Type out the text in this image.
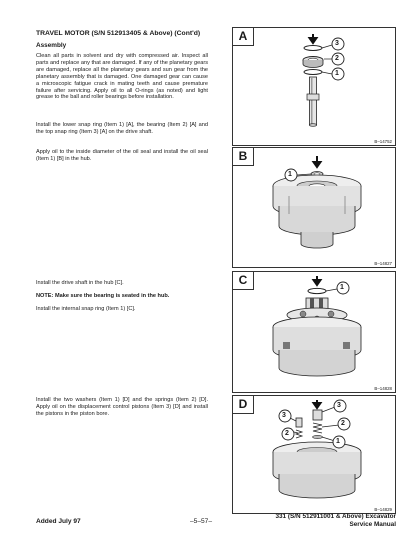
TRAVEL MOTOR (S/N 512913405 & Above) (Cont'd)
Assembly
Clean all parts in solvent and dry with compressed air. Inspect all parts and replace any that are damaged. If any of the planetary gears are damaged, replace all the planetary gears and sun gear from the planetary assembly that is damaged. One damaged gear can cause a microscopic fatigue crack in mating teeth and cause premature failure after servicing. Apply oil to all O-rings (as noted) and light grease to the ball and roller bearings before installation.
Install the lower snap ring (Item 1) [A], the bearing (Item 2) [A] and the top snap ring (Item 3) [A] on the drive shaft.
Apply oil to the inside diameter of the oil seal and install the oil seal (Item 1) [B] in the hub.
Install the drive shaft in the hub [C].
NOTE: Make sure the bearing is seated in the hub.
Install the internal snap ring (Item 1) [C].
Install the two washers (Item 1) [D] and the springs (Item 2) [D]. Apply oil on the displacement control pistons (Item 3) [D] and install the pistons in the piston bore.
A
3
2
1
B–14752
B
1
B–14827
C
1
B–14828
D	3
2
1
3
2
B–14829
Added July 97	–5–57–
331 (S/N 512911001 & Above) Excavator
Service Manual
